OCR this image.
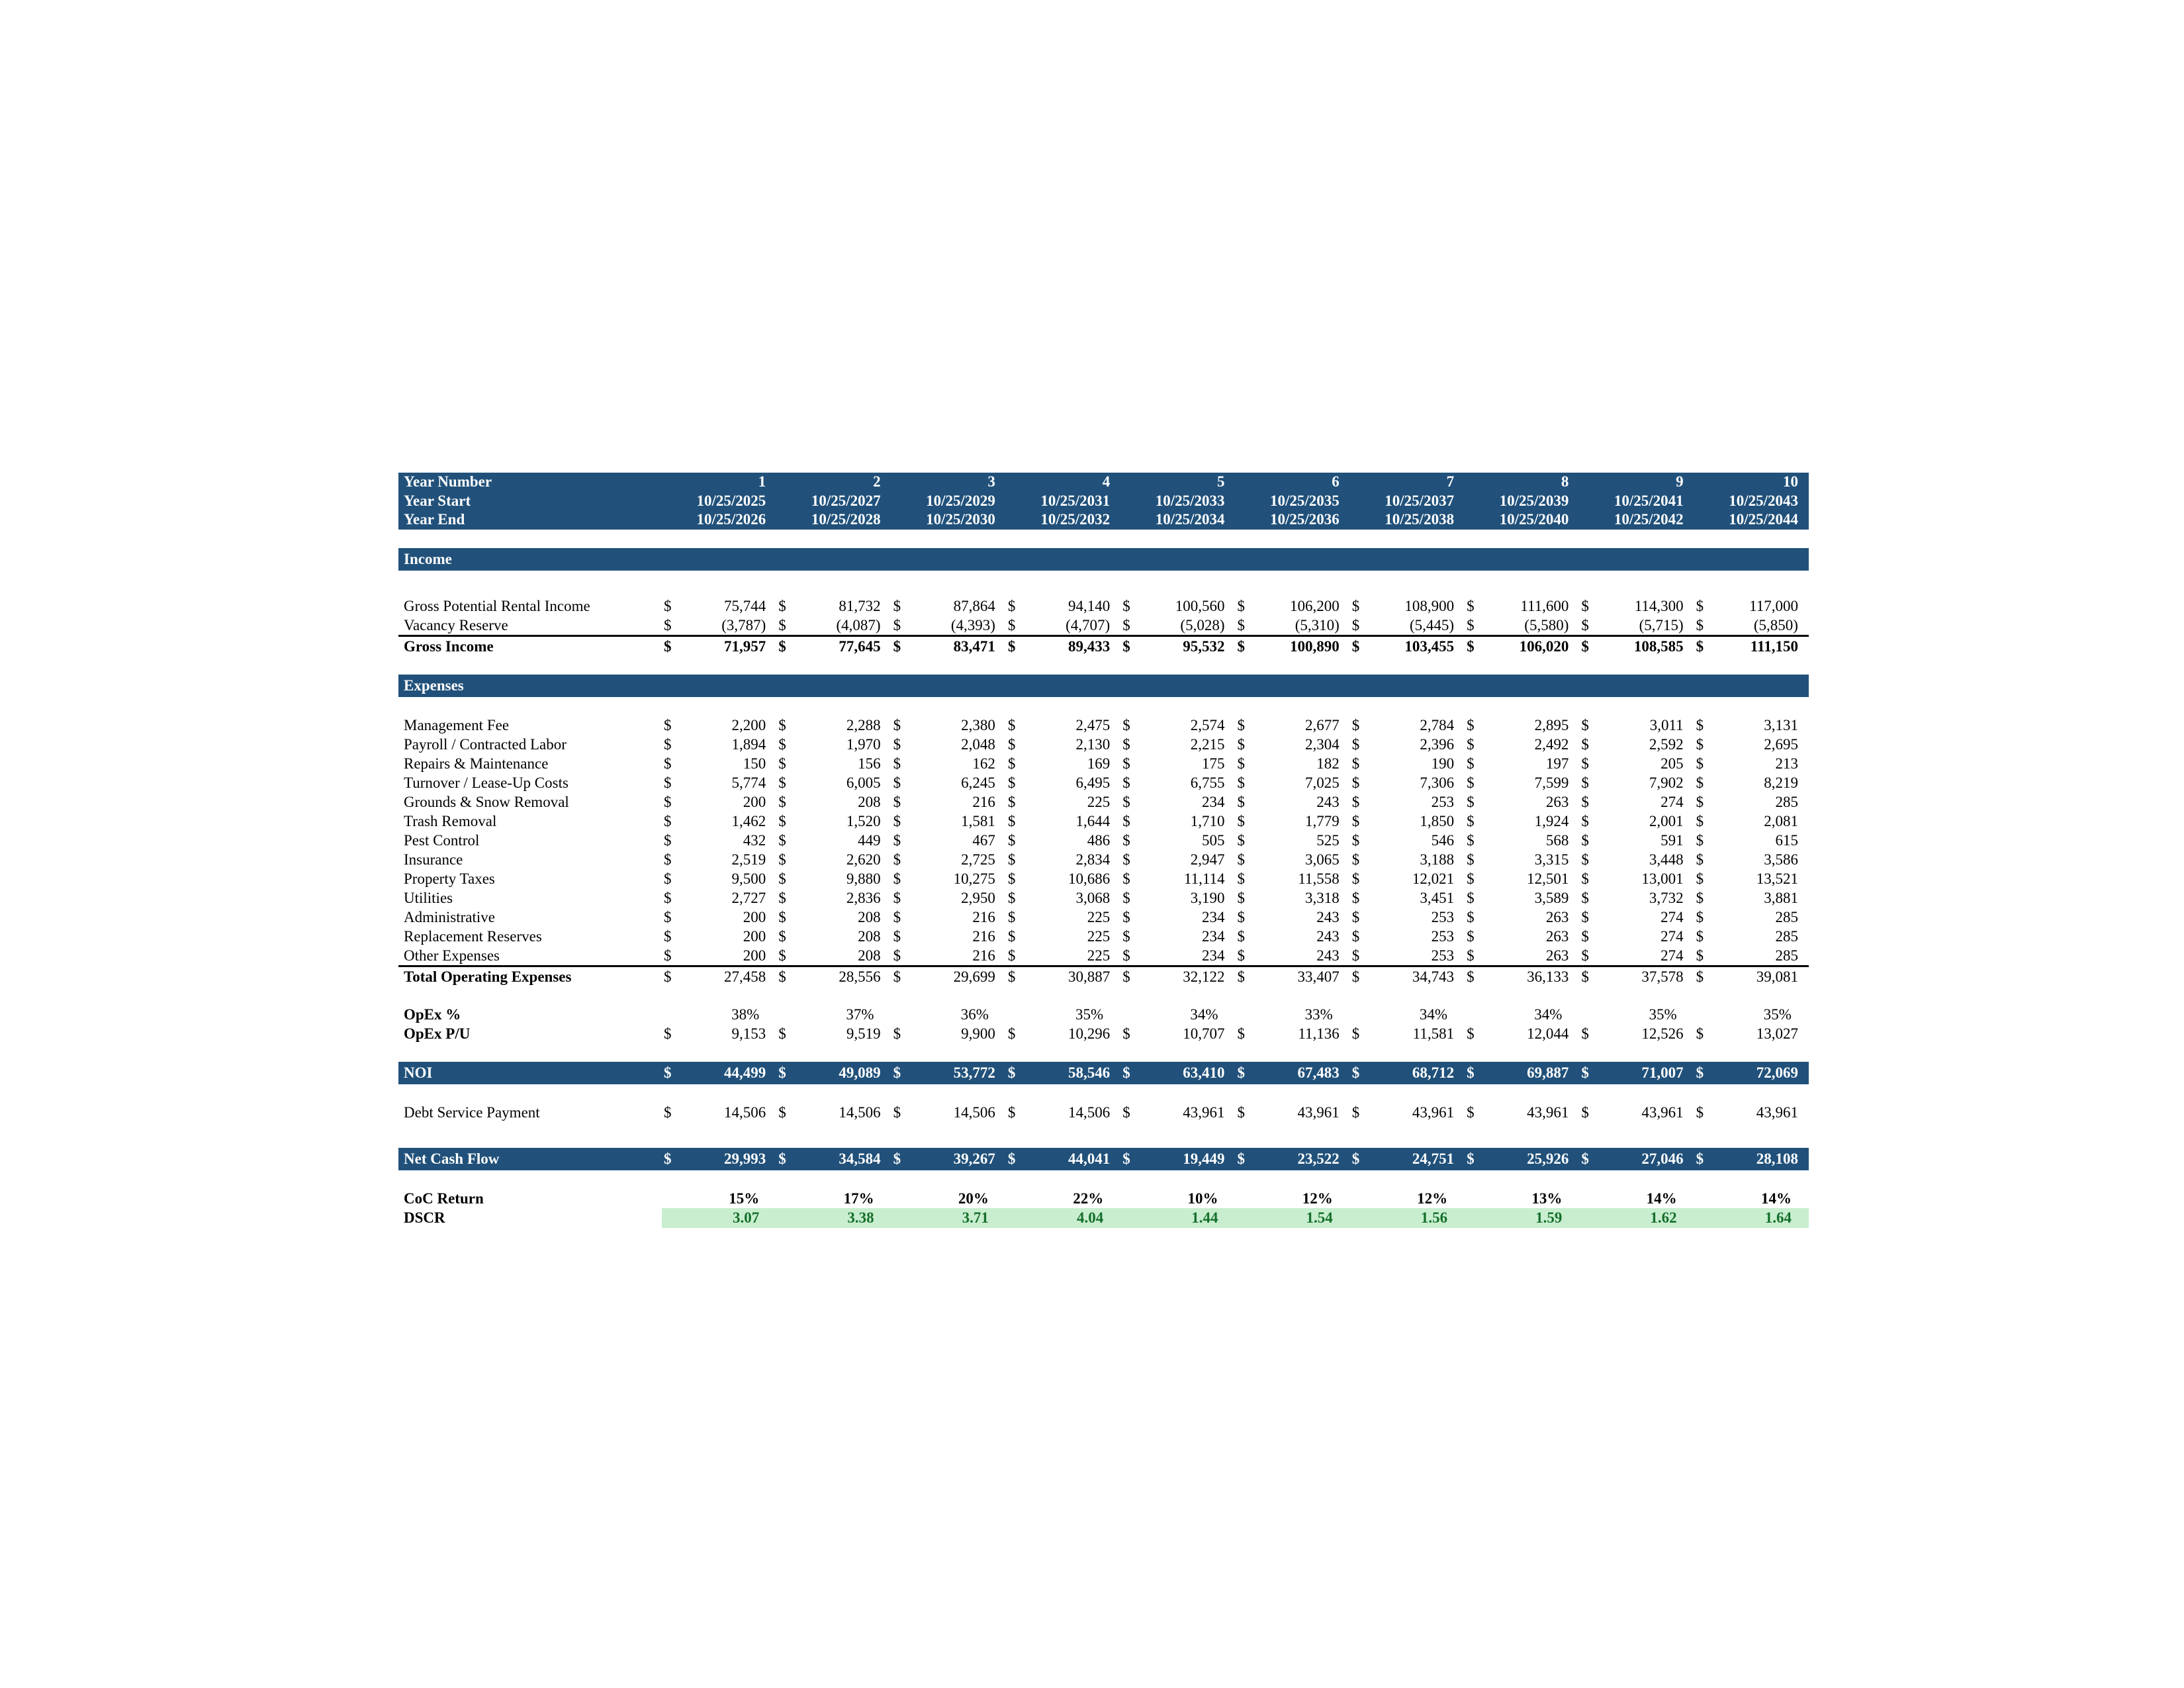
Year Number	1	2	3	4	5	6	7	8	9	10
Year Start	10/25/2025	10/25/2027	10/25/2029	10/25/2031	10/25/2033	10/25/2035	10/25/2037	10/25/2039	10/25/2041	10/25/2043
Year End	10/25/2026	10/25/2028	10/25/2030	10/25/2032	10/25/2034	10/25/2036	10/25/2038	10/25/2040	10/25/2042	10/25/2044
Income
Gross Potential Rental Income	$	75,744 $	81,732 $	87,864 $	94,140 $	100,560 $	106,200 $	108,900 $	111,600 $	114,300 $	117,000
Vacancy Reserve	$	(3,787) $	(4,087) $	(4,393) $	(4,707) $	(5,028) $	(5,310) $	(5,445) $	(5,580) $	(5,715) $	(5,850)
Gross Income	$	71,957 $	77,645 $	83,471 $	89,433 $	95,532 $	100,890 $	103,455 $	106,020 $	108,585 $	111,150
Expenses
Management Fee	$	2,200 $	2,288 $	2,380 $	2,475 $	2,574 $	2,677 $	2,784 $	2,895 $	3,011 $	3,131
Payroll / Contracted Labor	$	1,894 $	1,970 $	2,048 $	2,130 $	2,215 $	2,304 $	2,396 $	2,492 $	2,592 $	2,695
Repairs & Maintenance	$	150 $	156 $	162 $	169 $	175 $	182 $	190 $	197 $	205 $	213
Turnover / Lease-Up Costs	$	5,774 $	6,005 $	6,245 $	6,495 $	6,755 $	7,025 $	7,306 $	7,599 $	7,902 $	8,219
Grounds & Snow Removal	$	200 $	208 $	216 $	225 $	234 $	243 $	253 $	263 $	274 $	285
Trash Removal	$	1,462 $	1,520 $	1,581 $	1,644 $	1,710 $	1,779 $	1,850 $	1,924 $	2,001 $	2,081
Pest Control	$	432 $	449 $	467 $	486 $	505 $	525 $	546 $	568 $	591 $	615
Insurance	$	2,519 $	2,620 $	2,725 $	2,834 $	2,947 $	3,065 $	3,188 $	3,315 $	3,448 $	3,586
Property Taxes	$	9,500 $	9,880 $	10,275 $	10,686 $	11,114 $	11,558 $	12,021 $	12,501 $	13,001 $	13,521
Utilities	$	2,727 $	2,836 $	2,950 $	3,068 $	3,190 $	3,318 $	3,451 $	3,589 $	3,732 $	3,881
Administrative	$	200 $	208 $	216 $	225 $	234 $	243 $	253 $	263 $	274 $	285
Replacement Reserves	$	200 $	208 $	216 $	225 $	234 $	243 $	253 $	263 $	274 $	285
Other Expenses	$	200 $	208 $	216 $	225 $	234 $	243 $	253 $	263 $	274 $	285
Total Operating Expenses	$	27,458 $	28,556 $	29,699 $	30,887 $	32,122 $	33,407 $	34,743 $	36,133 $	37,578 $	39,081
OpEx %	38%	37%	36%	35%	34%	33%	34%	34%	35%	35%
OpEx P/U	$	9,153 $	9,519 $	9,900 $	10,296 $	10,707 $	11,136 $	11,581 $	12,044 $	12,526 $	13,027
NOI	$	44,499 $	49,089 $	53,772 $	58,546 $	63,410 $	67,483 $	68,712 $	69,887 $	71,007 $	72,069
Debt Service Payment	$	14,506 $	14,506 $	14,506 $	14,506 $	43,961 $	43,961 $	43,961 $	43,961 $	43,961 $	43,961
Net Cash Flow	$	29,993 $	34,584 $	39,267 $	44,041 $	19,449 $	23,522 $	24,751 $	25,926 $	27,046 $	28,108
CoC Return	15%	17%	20%	22%	10%	12%	12%	13%	14%	14%
DSCR	3.07	3.38	3.71	4.04	1.44	1.54	1.56	1.59	1.62	1.64
